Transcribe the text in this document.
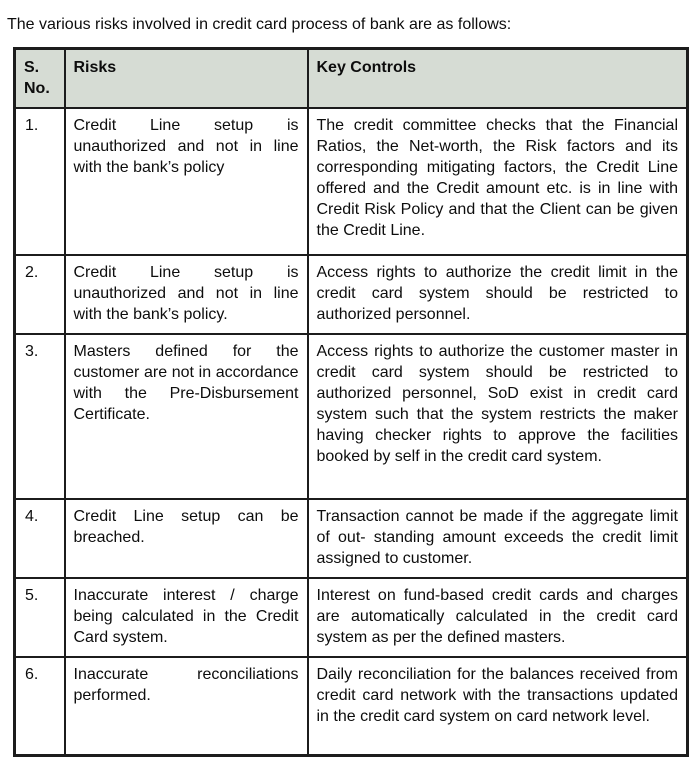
The various risks involved in credit card process of bank are as follows:

S. No.	Risks	Key Controls
1.	Credit Line setup is unauthorized and not in line with the bank’s policy	The credit committee checks that the Financial Ratios, the Net-worth, the Risk factors and its corresponding mitigating factors, the Credit Line offered and the Credit amount etc. is in line with Credit Risk Policy and that the Client can be given the Credit Line.
2.	Credit Line setup is unauthorized and not in line with the bank’s policy.	Access rights to authorize the credit limit in the credit card system should be restricted to authorized personnel.
3.	Masters defined for the customer are not in accordance with the Pre-Disbursement Certificate.	Access rights to authorize the customer master in credit card system should be restricted to authorized personnel, SoD exist in credit card system such that the system restricts the maker having checker rights to approve the facilities booked by self in the credit card system.
4.	Credit Line setup can be breached.	Transaction cannot be made if the aggregate limit of out- standing amount exceeds the credit limit assigned to customer.
5.	Inaccurate interest / charge being calculated in the Credit Card system.	Interest on fund-based credit cards and charges are automatically calculated in the credit card system as per the defined masters.
6.	Inaccurate reconciliations performed.	Daily reconciliation for the balances received from credit card network with the transactions updated in the credit card system on card network level.
